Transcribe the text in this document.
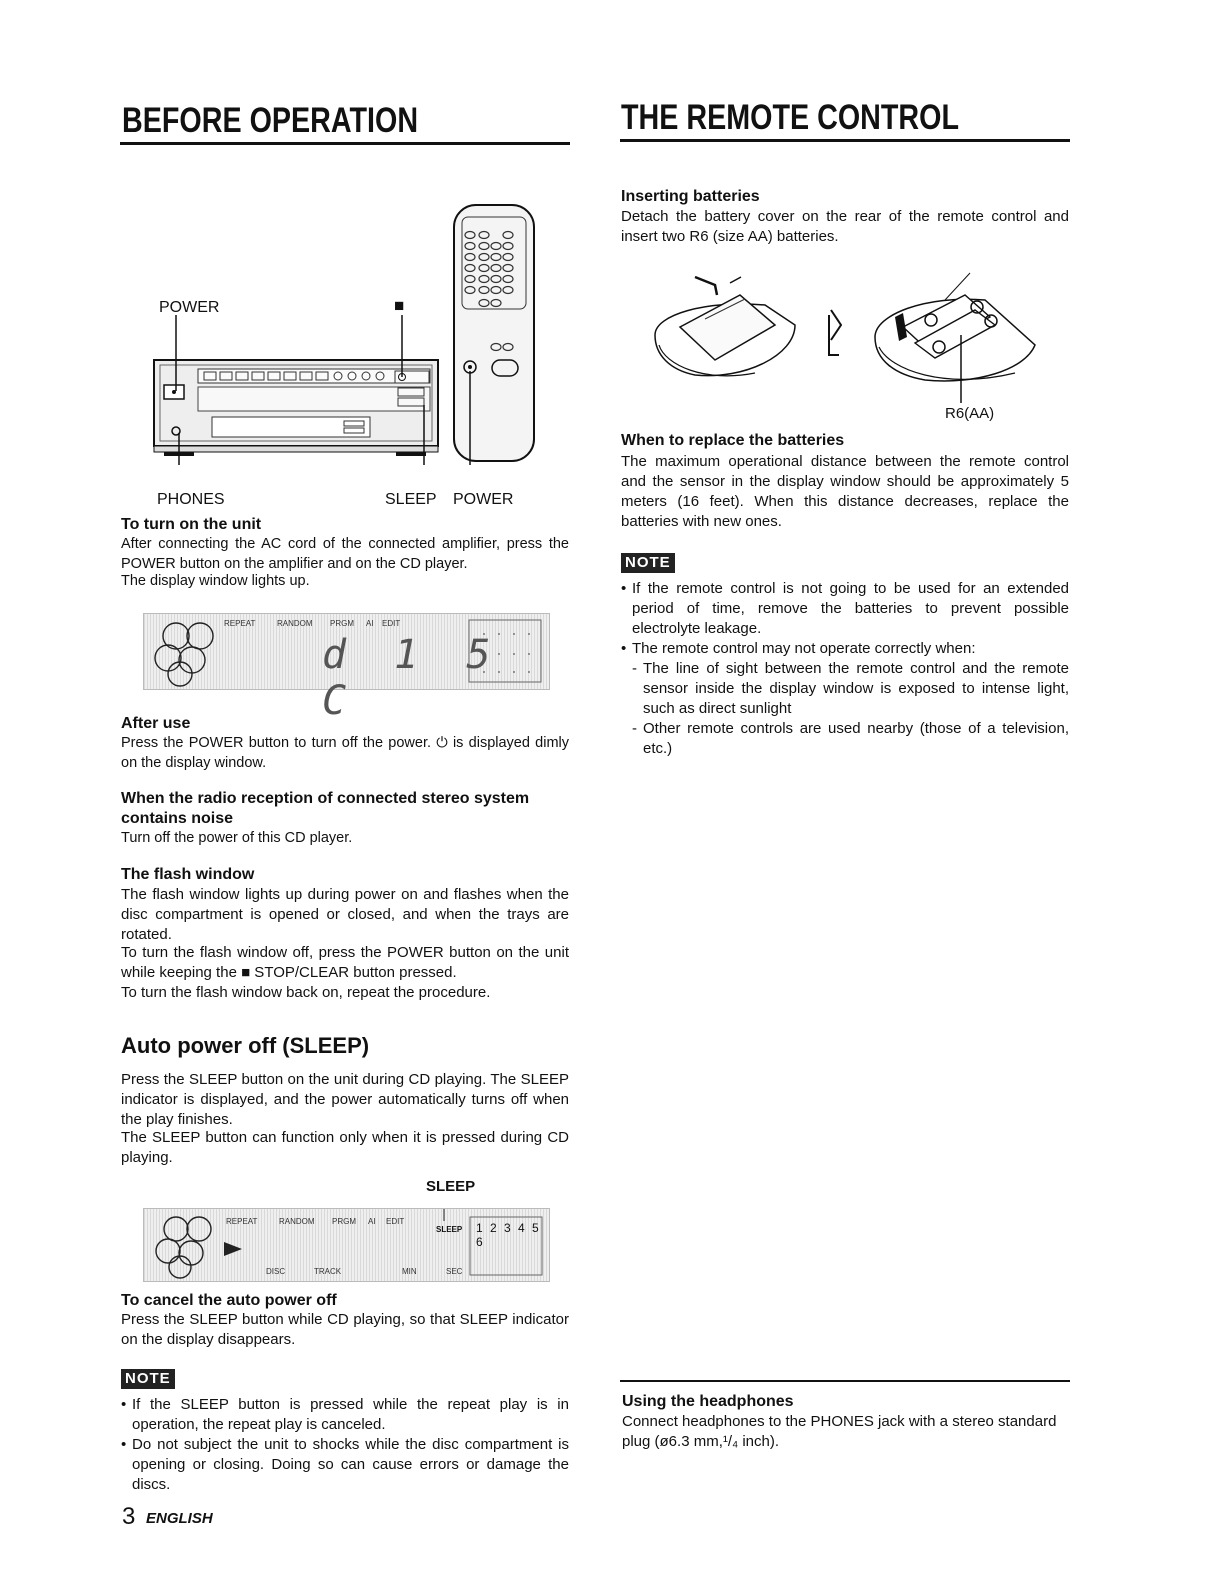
BEFORE OPERATION	THE REMOTE CONTROL
POWER	■
PHONES	SLEEP POWER
To turn on the unit
After connecting the AC cord of the connected amplifier, press the POWER button on the amplifier and on the CD player.
The display window lights up.
REPEAT	RANDOM PRGM AI EDIT
d 1 5 C
After use
Press the POWER button to turn off the power. ⏻ is displayed dimly on the display window.
When the radio reception of connected stereo system contains noise
Turn off the power of this CD player.
The flash window
The flash window lights up during power on and flashes when the disc compartment is opened or closed, and when the trays are rotated.
To turn the flash window off, press the POWER button on the unit while keeping the ■ STOP/CLEAR button pressed.
To turn the flash window back on, repeat the procedure.
Auto power off (SLEEP)
Press the SLEEP button on the unit during CD playing. The SLEEP indicator is displayed, and the power automatically turns off when the play finishes.
The SLEEP button can function only when it is pressed during CD playing.
SLEEP
REPEAT	RANDOM PRGM AI EDIT
SLEEP
DISC	TRACK	MIN	SEC
1 2 3 4 5
6
To cancel the auto power off
Press the SLEEP button while CD playing, so that SLEEP indicator on the display disappears.
NOTE
• If the SLEEP button is pressed while the repeat play is in operation, the repeat play is canceled.
• Do not subject the unit to shocks while the disc compartment is opening or closing. Doing so can cause errors or damage the discs.
3 ENGLISH
Inserting batteries
Detach the battery cover on the rear of the remote control and insert two R6 (size AA) batteries.
R6(AA)
When to replace the batteries
The maximum operational distance between the remote control and the sensor in the display window should be approximately 5 meters (16 feet). When this distance decreases, replace the batteries with new ones.
NOTE
• If the remote control is not going to be used for an extended period of time, remove the batteries to prevent possible electrolyte leakage.
• The remote control may not operate correctly when:
- The line of sight between the remote control and the remote sensor inside the display window is exposed to intense light, such as direct sunlight
- Other remote controls are used nearby (those of a television, etc.)
Using the headphones
Connect headphones to the PHONES jack with a stereo standard plug (ø6.3 mm,¹/₄ inch).
